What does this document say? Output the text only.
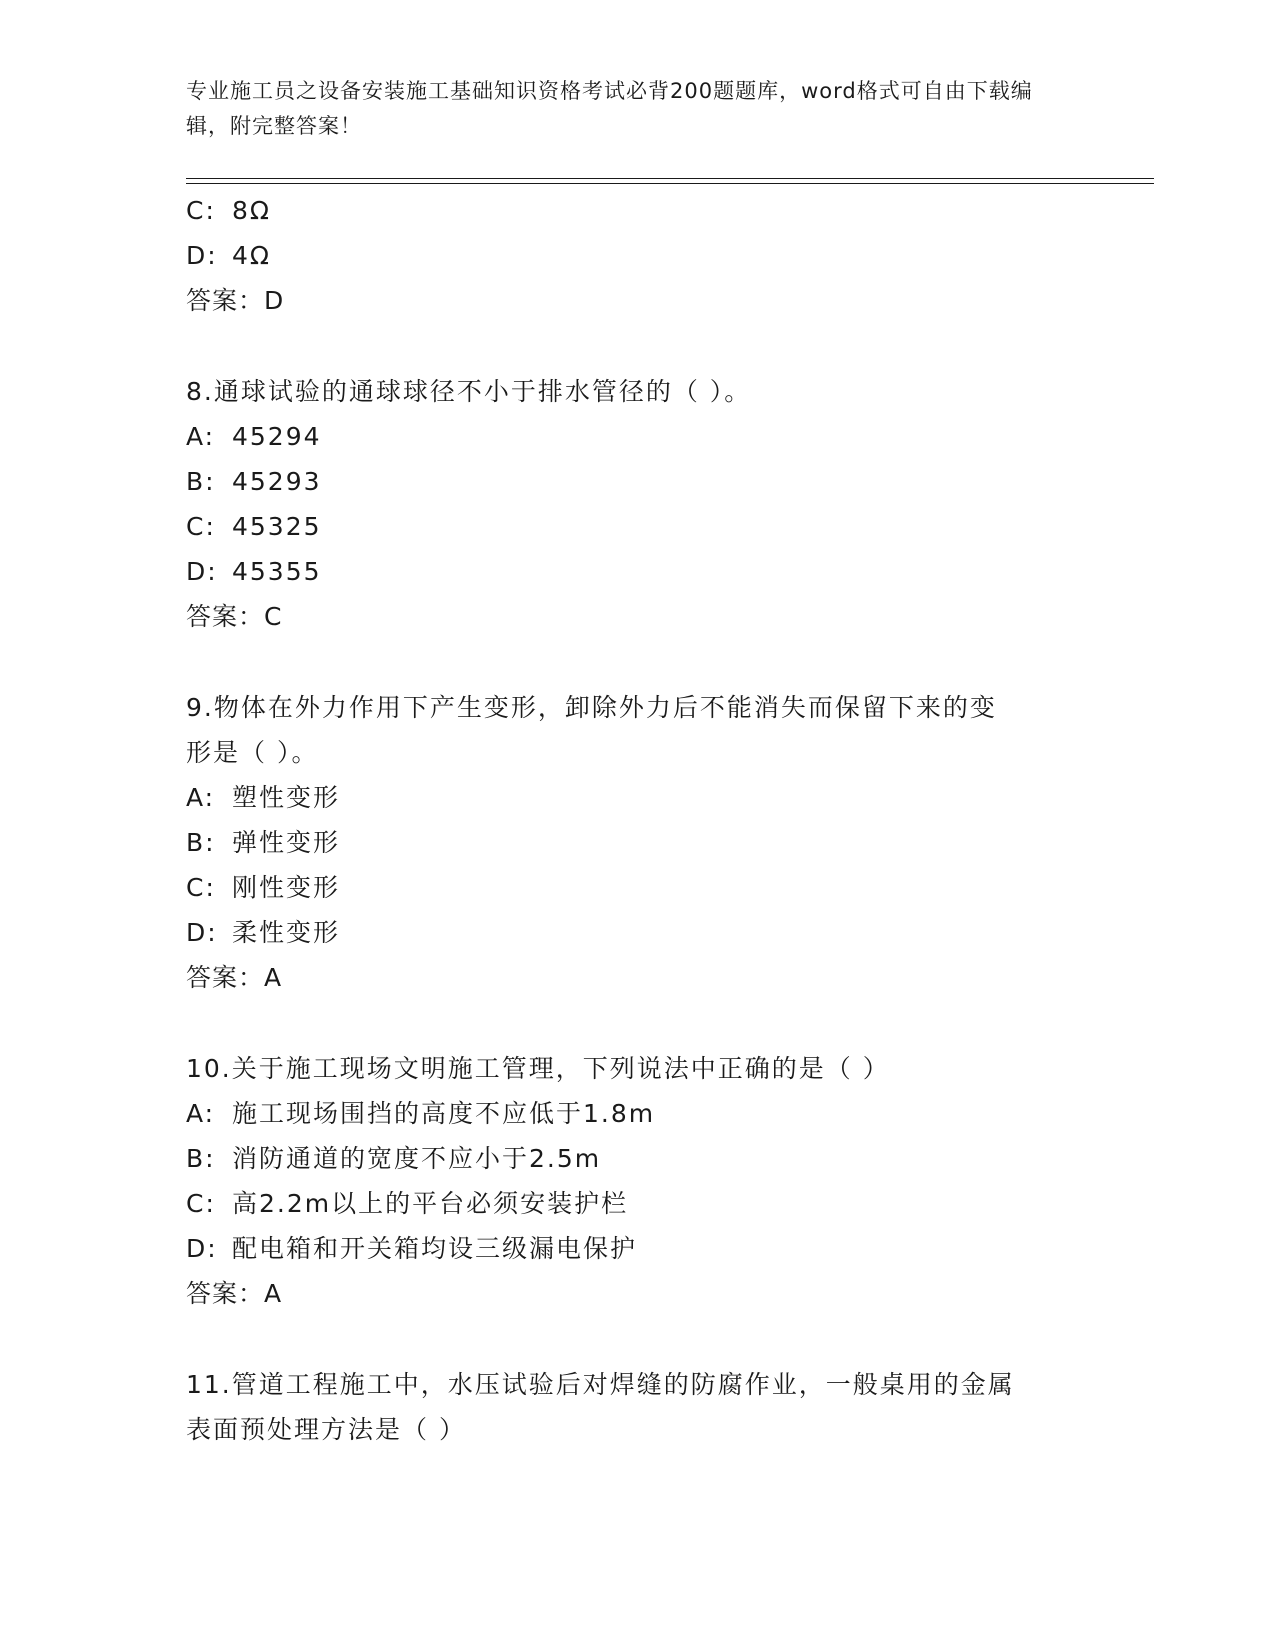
专业施工员之设备安装施工基础知识资格考试必背200题题库，word格式可自由下载编辑，附完整答案！
C: 8Ω
D: 4Ω
答案：D
8.通球试验的通球球径不小于排水管径的（ ）。
A: 45294
B: 45293
C: 45325
D: 45355
答案：C
9.物体在外力作用下产生变形，卸除外力后不能消失而保留下来的变
形是（ ）。
A: 塑性变形
B: 弹性变形
C: 刚性变形
D: 柔性变形
答案：A
10.关于施工现场文明施工管理，下列说法中正确的是（ ）
A: 施工现场围挡的高度不应低于1.8m
B: 消防通道的宽度不应小于2.5m
C: 高2.2m以上的平台必须安装护栏
D: 配电箱和开关箱均设三级漏电保护
答案：A
11.管道工程施工中，水压试验后对焊缝的防腐作业，一般桌用的金属
表面预处理方法是（ ）
